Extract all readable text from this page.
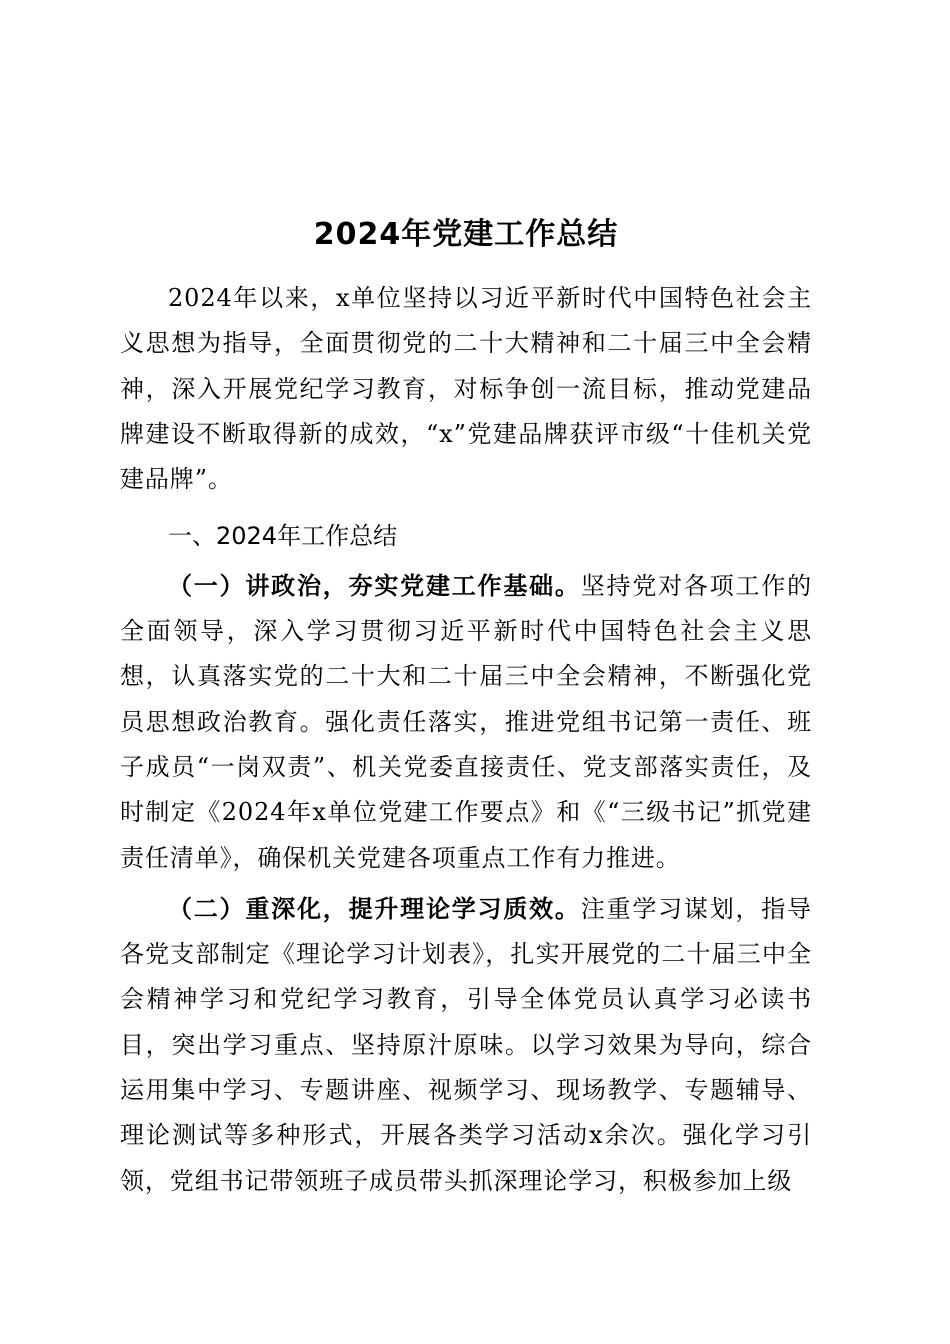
2024年党建工作总结

2024年以来，x单位坚持以习近平新时代中国特色社会主义思想为指导，全面贯彻党的二十大精神和二十届三中全会精神，深入开展党纪学习教育，对标争创一流目标，推动党建品牌建设不断取得新的成效，“x”党建品牌获评市级“十佳机关党建品牌”。

一、2024年工作总结

（一）讲政治，夯实党建工作基础。坚持党对各项工作的全面领导，深入学习贯彻习近平新时代中国特色社会主义思想，认真落实党的二十大和二十届三中全会精神，不断强化党员思想政治教育。强化责任落实，推进党组书记第一责任、班子成员“一岗双责”、机关党委直接责任、党支部落实责任，及时制定《2024年x单位党建工作要点》和《“三级书记”抓党建责任清单》，确保机关党建各项重点工作有力推进。

（二）重深化，提升理论学习质效。注重学习谋划，指导各党支部制定《理论学习计划表》，扎实开展党的二十届三中全会精神学习和党纪学习教育，引导全体党员认真学习必读书目，突出学习重点、坚持原汁原味。以学习效果为导向，综合运用集中学习、专题讲座、视频学习、现场教学、专题辅导、理论测试等多种形式，开展各类学习活动x余次。强化学习引领，党组书记带领班子成员带头抓深理论学习，积极参加上级
